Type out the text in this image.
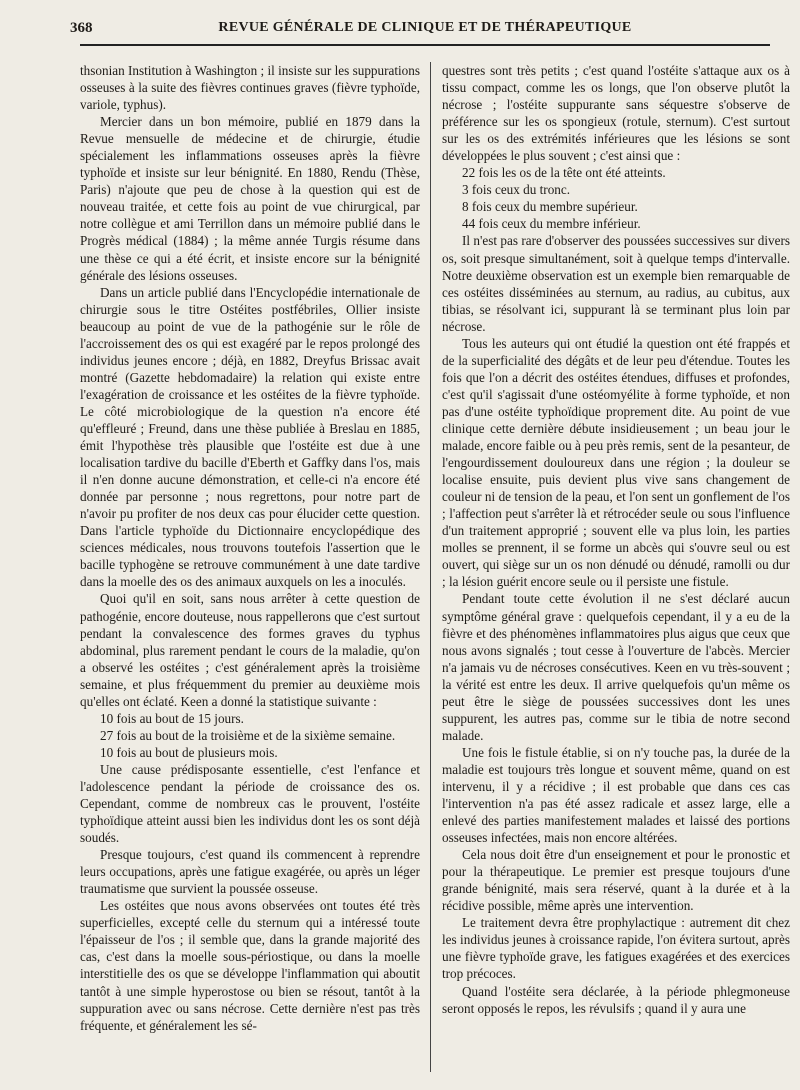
368	REVUE GÉNÉRALE DE CLINIQUE ET DE THÉRAPEUTIQUE

thsonian Institution à Washington ; il insiste sur les suppurations osseuses à la suite des fièvres continues graves (fièvre typhoïde, variole, typhus).

Mercier dans un bon mémoire, publié en 1879 dans la Revue mensuelle de médecine et de chirurgie, étudie spécialement les inflammations osseuses après la fièvre typhoïde et insiste sur leur bénignité. En 1880, Rendu (Thèse, Paris) n'ajoute que peu de chose à la question qui est de nouveau traitée, et cette fois au point de vue chirurgical, par notre collègue et ami Terrillon dans un mémoire publié dans le Progrès médical (1884) ; la même année Turgis résume dans une thèse ce qui a été écrit, et insiste encore sur la bénignité générale des lésions osseuses.

Dans un article publié dans l'Encyclopédie internationale de chirurgie sous le titre Ostéites postfébriles, Ollier insiste beaucoup au point de vue de la pathogénie sur le rôle de l'accroissement des os qui est exagéré par le repos prolongé des individus jeunes encore ; déjà, en 1882, Dreyfus Brissac avait montré (Gazette hebdomadaire) la relation qui existe entre l'exagération de croissance et les ostéites de la fièvre typhoïde. Le côté microbiologique de la question n'a encore été qu'effleuré ; Freund, dans une thèse publiée à Breslau en 1885, émit l'hypothèse très plausible que l'ostéite est due à une localisation tardive du bacille d'Eberth et Gaffky dans l'os, mais il n'en donne aucune démonstration, et celle-ci n'a encore été donnée par personne ; nous regrettons, pour notre part de n'avoir pu profiter de nos deux cas pour élucider cette question. Dans l'article typhoïde du Dictionnaire encyclopédique des sciences médicales, nous trouvons toutefois l'assertion que le bacille typhogène se retrouve communément à une date tardive dans la moelle des os des animaux auxquels on les a inoculés.

Quoi qu'il en soit, sans nous arrêter à cette question de pathogénie, encore douteuse, nous rappellerons que c'est surtout pendant la convalescence des formes graves du typhus abdominal, plus rarement pendant le cours de la maladie, qu'on a observé les ostéites ; c'est généralement après la troisième semaine, et plus fréquemment du premier au deuxième mois qu'elles ont éclaté. Keen a donné la statistique suivante :

10 fois au bout de 15 jours.

27 fois au bout de la troisième et de la sixième semaine.

10 fois au bout de plusieurs mois.

Une cause prédisposante essentielle, c'est l'enfance et l'adolescence pendant la période de croissance des os. Cependant, comme de nombreux cas le prouvent, l'ostéite typhoïdique atteint aussi bien les individus dont les os sont déjà soudés.

Presque toujours, c'est quand ils commencent à reprendre leurs occupations, après une fatigue exagérée, ou après un léger traumatisme que survient la poussée osseuse.

Les ostéites que nous avons observées ont toutes été très superficielles, excepté celle du sternum qui a intéressé toute l'épaisseur de l'os ; il semble que, dans la grande majorité des cas, c'est dans la moelle sous-périostique, ou dans la moelle interstitielle des os que se développe l'inflammation qui aboutit tantôt à une simple hyperostose ou bien se résout, tantôt à la suppuration avec ou sans nécrose. Cette dernière n'est pas très fréquente, et généralement les sé-

questres sont très petits ; c'est quand l'ostéite s'attaque aux os à tissu compact, comme les os longs, que l'on observe plutôt la nécrose ; l'ostéite suppurante sans séquestre s'observe de préférence sur les os spongieux (rotule, sternum). C'est surtout sur les os des extrémités inférieures que les lésions se sont développées le plus souvent ; c'est ainsi que :

22 fois les os de la tête ont été atteints.

3 fois ceux du tronc.

8 fois ceux du membre supérieur.

44 fois ceux du membre inférieur.

Il n'est pas rare d'observer des poussées successives sur divers os, soit presque simultanément, soit à quelque temps d'intervalle. Notre deuxième observation est un exemple bien remarquable de ces ostéites disséminées au sternum, au radius, au cubitus, aux tibias, se résolvant ici, suppurant là se terminant plus loin par nécrose.

Tous les auteurs qui ont étudié la question ont été frappés et de la superficialité des dégâts et de leur peu d'étendue. Toutes les fois que l'on a décrit des ostéites étendues, diffuses et profondes, c'est qu'il s'agissait d'une ostéomyélite à forme typhoïde, et non pas d'une ostéite typhoïdique proprement dite. Au point de vue clinique cette dernière débute insidieusement ; un beau jour le malade, encore faible ou à peu près remis, sent de la pesanteur, de l'engourdissement douloureux dans une région ; la douleur se localise ensuite, puis devient plus vive sans changement de couleur ni de tension de la peau, et l'on sent un gonflement de l'os ; l'affection peut s'arrêter là et rétrocéder seule ou sous l'influence d'un traitement approprié ; souvent elle va plus loin, les parties molles se prennent, il se forme un abcès qui s'ouvre seul ou est ouvert, qui siège sur un os non dénudé ou dénudé, ramolli ou dur ; la lésion guérit encore seule ou il persiste une fistule.

Pendant toute cette évolution il ne s'est déclaré aucun symptôme général grave : quelquefois cependant, il y a eu de la fièvre et des phénomènes inflammatoires plus aigus que ceux que nous avons signalés ; tout cesse à l'ouverture de l'abcès. Mercier n'a jamais vu de nécroses consécutives. Keen en vu très-souvent ; la vérité est entre les deux. Il arrive quelquefois qu'un même os peut être le siège de poussées successives dont les unes suppurent, les autres pas, comme sur le tibia de notre second malade.

Une fois le fistule établie, si on n'y touche pas, la durée de la maladie est toujours très longue et souvent même, quand on est intervenu, il y a récidive ; il est probable que dans ces cas l'intervention n'a pas été assez radicale et assez large, elle a enlevé des parties manifestement malades et laissé des portions osseuses infectées, mais non encore altérées.

Cela nous doit être d'un enseignement et pour le pronostic et pour la thérapeutique. Le premier est presque toujours d'une grande bénignité, mais sera réservé, quant à la durée et à la récidive possible, même après une intervention.

Le traitement devra être prophylactique : autrement dit chez les individus jeunes à croissance rapide, l'on évitera surtout, après une fièvre typhoïde grave, les fatigues exagérées et des exercices trop précoces.

Quand l'ostéite sera déclarée, à la période phlegmoneuse seront opposés le repos, les révulsifs ; quand il y aura une
